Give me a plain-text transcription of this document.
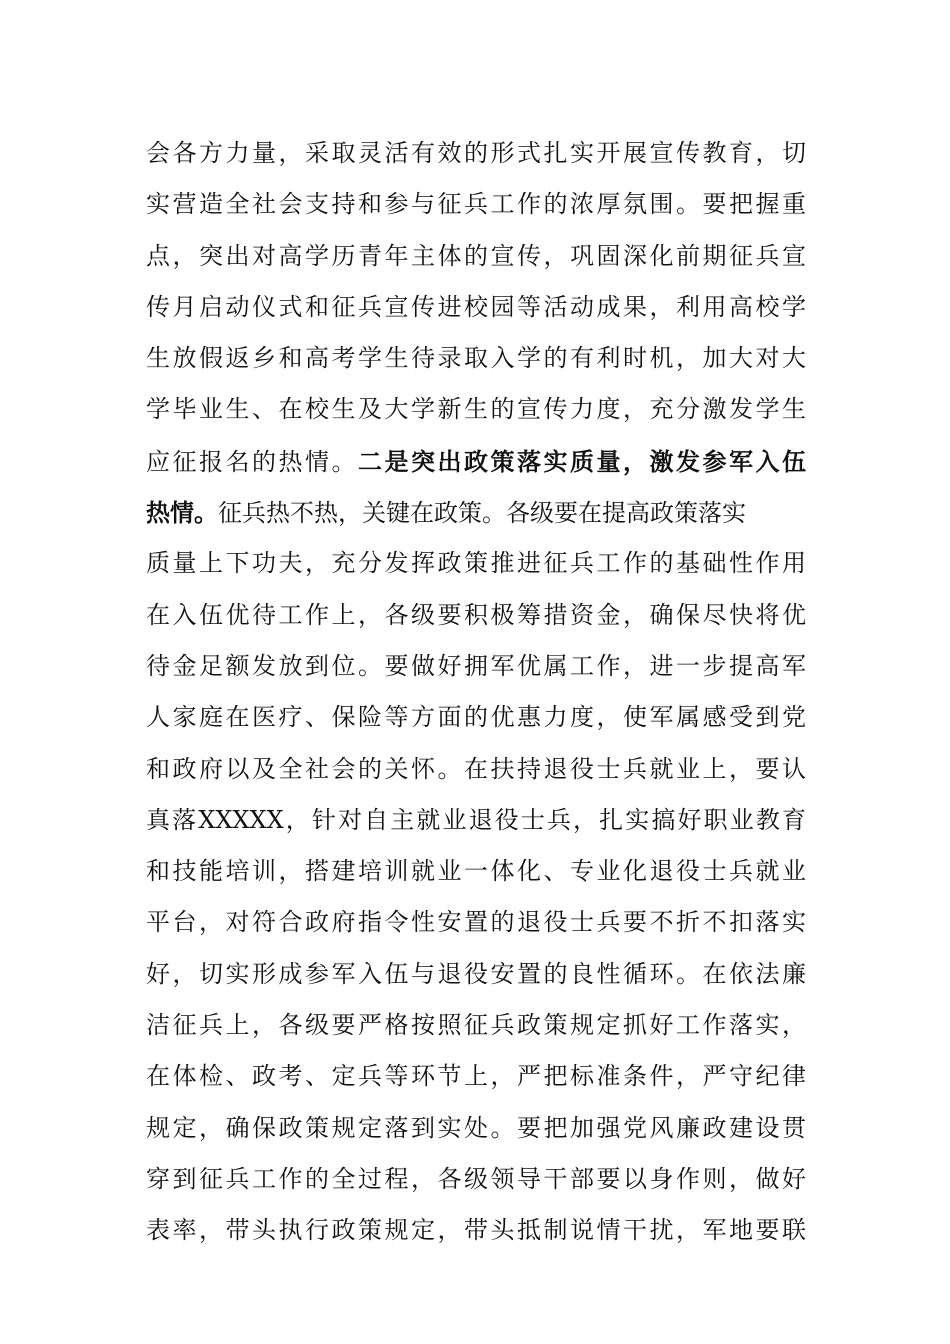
会各方力量，采取灵活有效的形式扎实开展宣传教育，切
实营造全社会支持和参与征兵工作的浓厚氛围。要把握重
点，突出对高学历青年主体的宣传，巩固深化前期征兵宣
传月启动仪式和征兵宣传进校园等活动成果，利用高校学
生放假返乡和高考学生待录取入学的有利时机，加大对大
学毕业生、在校生及大学新生的宣传力度，充分激发学生
应征报名的热情。二是突出政策落实质量，激发参军入伍
热情。征兵热不热，关键在政策。各级要在提高政策落实
质量上下功夫，充分发挥政策推进征兵工作的基础性作用
在入伍优待工作上，各级要积极筹措资金，确保尽快将优
待金足额发放到位。要做好拥军优属工作，进一步提高军
人家庭在医疗、保险等方面的优惠力度，使军属感受到党
和政府以及全社会的关怀。在扶持退役士兵就业上，要认
真落XXXXX，针对自主就业退役士兵，扎实搞好职业教育
和技能培训，搭建培训就业一体化、专业化退役士兵就业
平台，对符合政府指令性安置的退役士兵要不折不扣落实
好，切实形成参军入伍与退役安置的良性循环。在依法廉
洁征兵上，各级要严格按照征兵政策规定抓好工作落实，
在体检、政考、定兵等环节上，严把标准条件，严守纪律
规定，确保政策规定落到实处。要把加强党风廉政建设贯
穿到征兵工作的全过程，各级领导干部要以身作则，做好
表率，带头执行政策规定，带头抵制说情干扰，军地要联
